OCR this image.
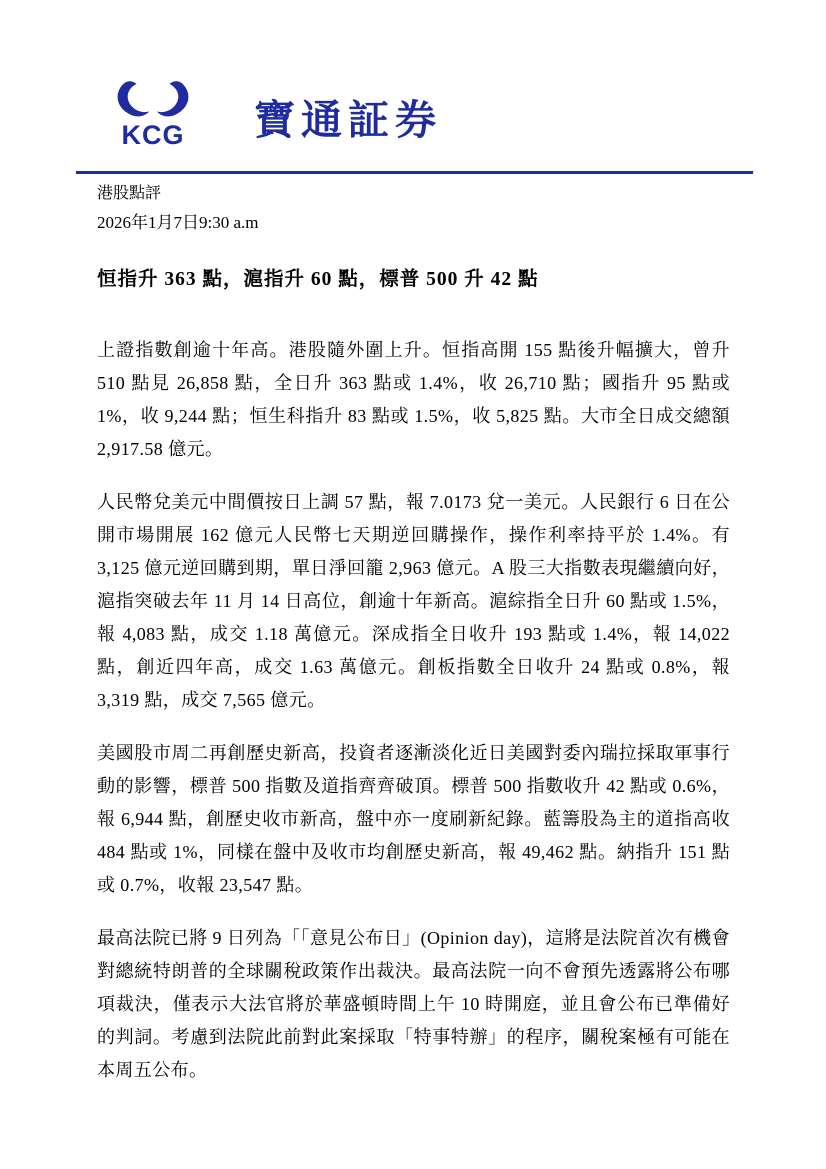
KCG 寶通証券
港股點評
2026年1月7日9:30 a.m
恒指升 363 點，滬指升 60 點，標普 500 升 42 點

上證指數創逾十年高。港股隨外圍上升。恒指高開 155 點後升幅擴大，曾升 510 點見 26,858 點，全日升 363 點或 1.4%，收 26,710 點；國指升 95 點或 1%，收 9,244 點；恒生科指升 83 點或 1.5%，收 5,825 點。大市全日成交總額 2,917.58 億元。

人民幣兌美元中間價按日上調 57 點，報 7.0173 兌一美元。人民銀行 6 日在公開市場開展 162 億元人民幣七天期逆回購操作，操作利率持平於 1.4%。有 3,125 億元逆回購到期，單日淨回籠 2,963 億元。A 股三大指數表現繼續向好，滬指突破去年 11 月 14 日高位，創逾十年新高。滬綜指全日升 60 點或 1.5%，報 4,083 點，成交 1.18 萬億元。深成指全日收升 193 點或 1.4%，報 14,022 點，創近四年高，成交 1.63 萬億元。創板指數全日收升 24 點或 0.8%，報 3,319 點，成交 7,565 億元。

美國股市周二再創歷史新高，投資者逐漸淡化近日美國對委內瑞拉採取軍事行動的影響，標普 500 指數及道指齊齊破頂。標普 500 指數收升 42 點或 0.6%，報 6,944 點，創歷史收市新高，盤中亦一度刷新紀錄。藍籌股為主的道指高收 484 點或 1%，同樣在盤中及收市均創歷史新高，報 49,462 點。納指升 151 點或 0.7%，收報 23,547 點。

最高法院已將 9 日列為「「意見公布日」(Opinion day)，這將是法院首次有機會對總統特朗普的全球關稅政策作出裁決。最高法院一向不會預先透露將公布哪項裁決，僅表示大法官將於華盛頓時間上午 10 時開庭，並且會公布已準備好的判詞。考慮到法院此前對此案採取「特事特辦」的程序，關稅案極有可能在本周五公布。
